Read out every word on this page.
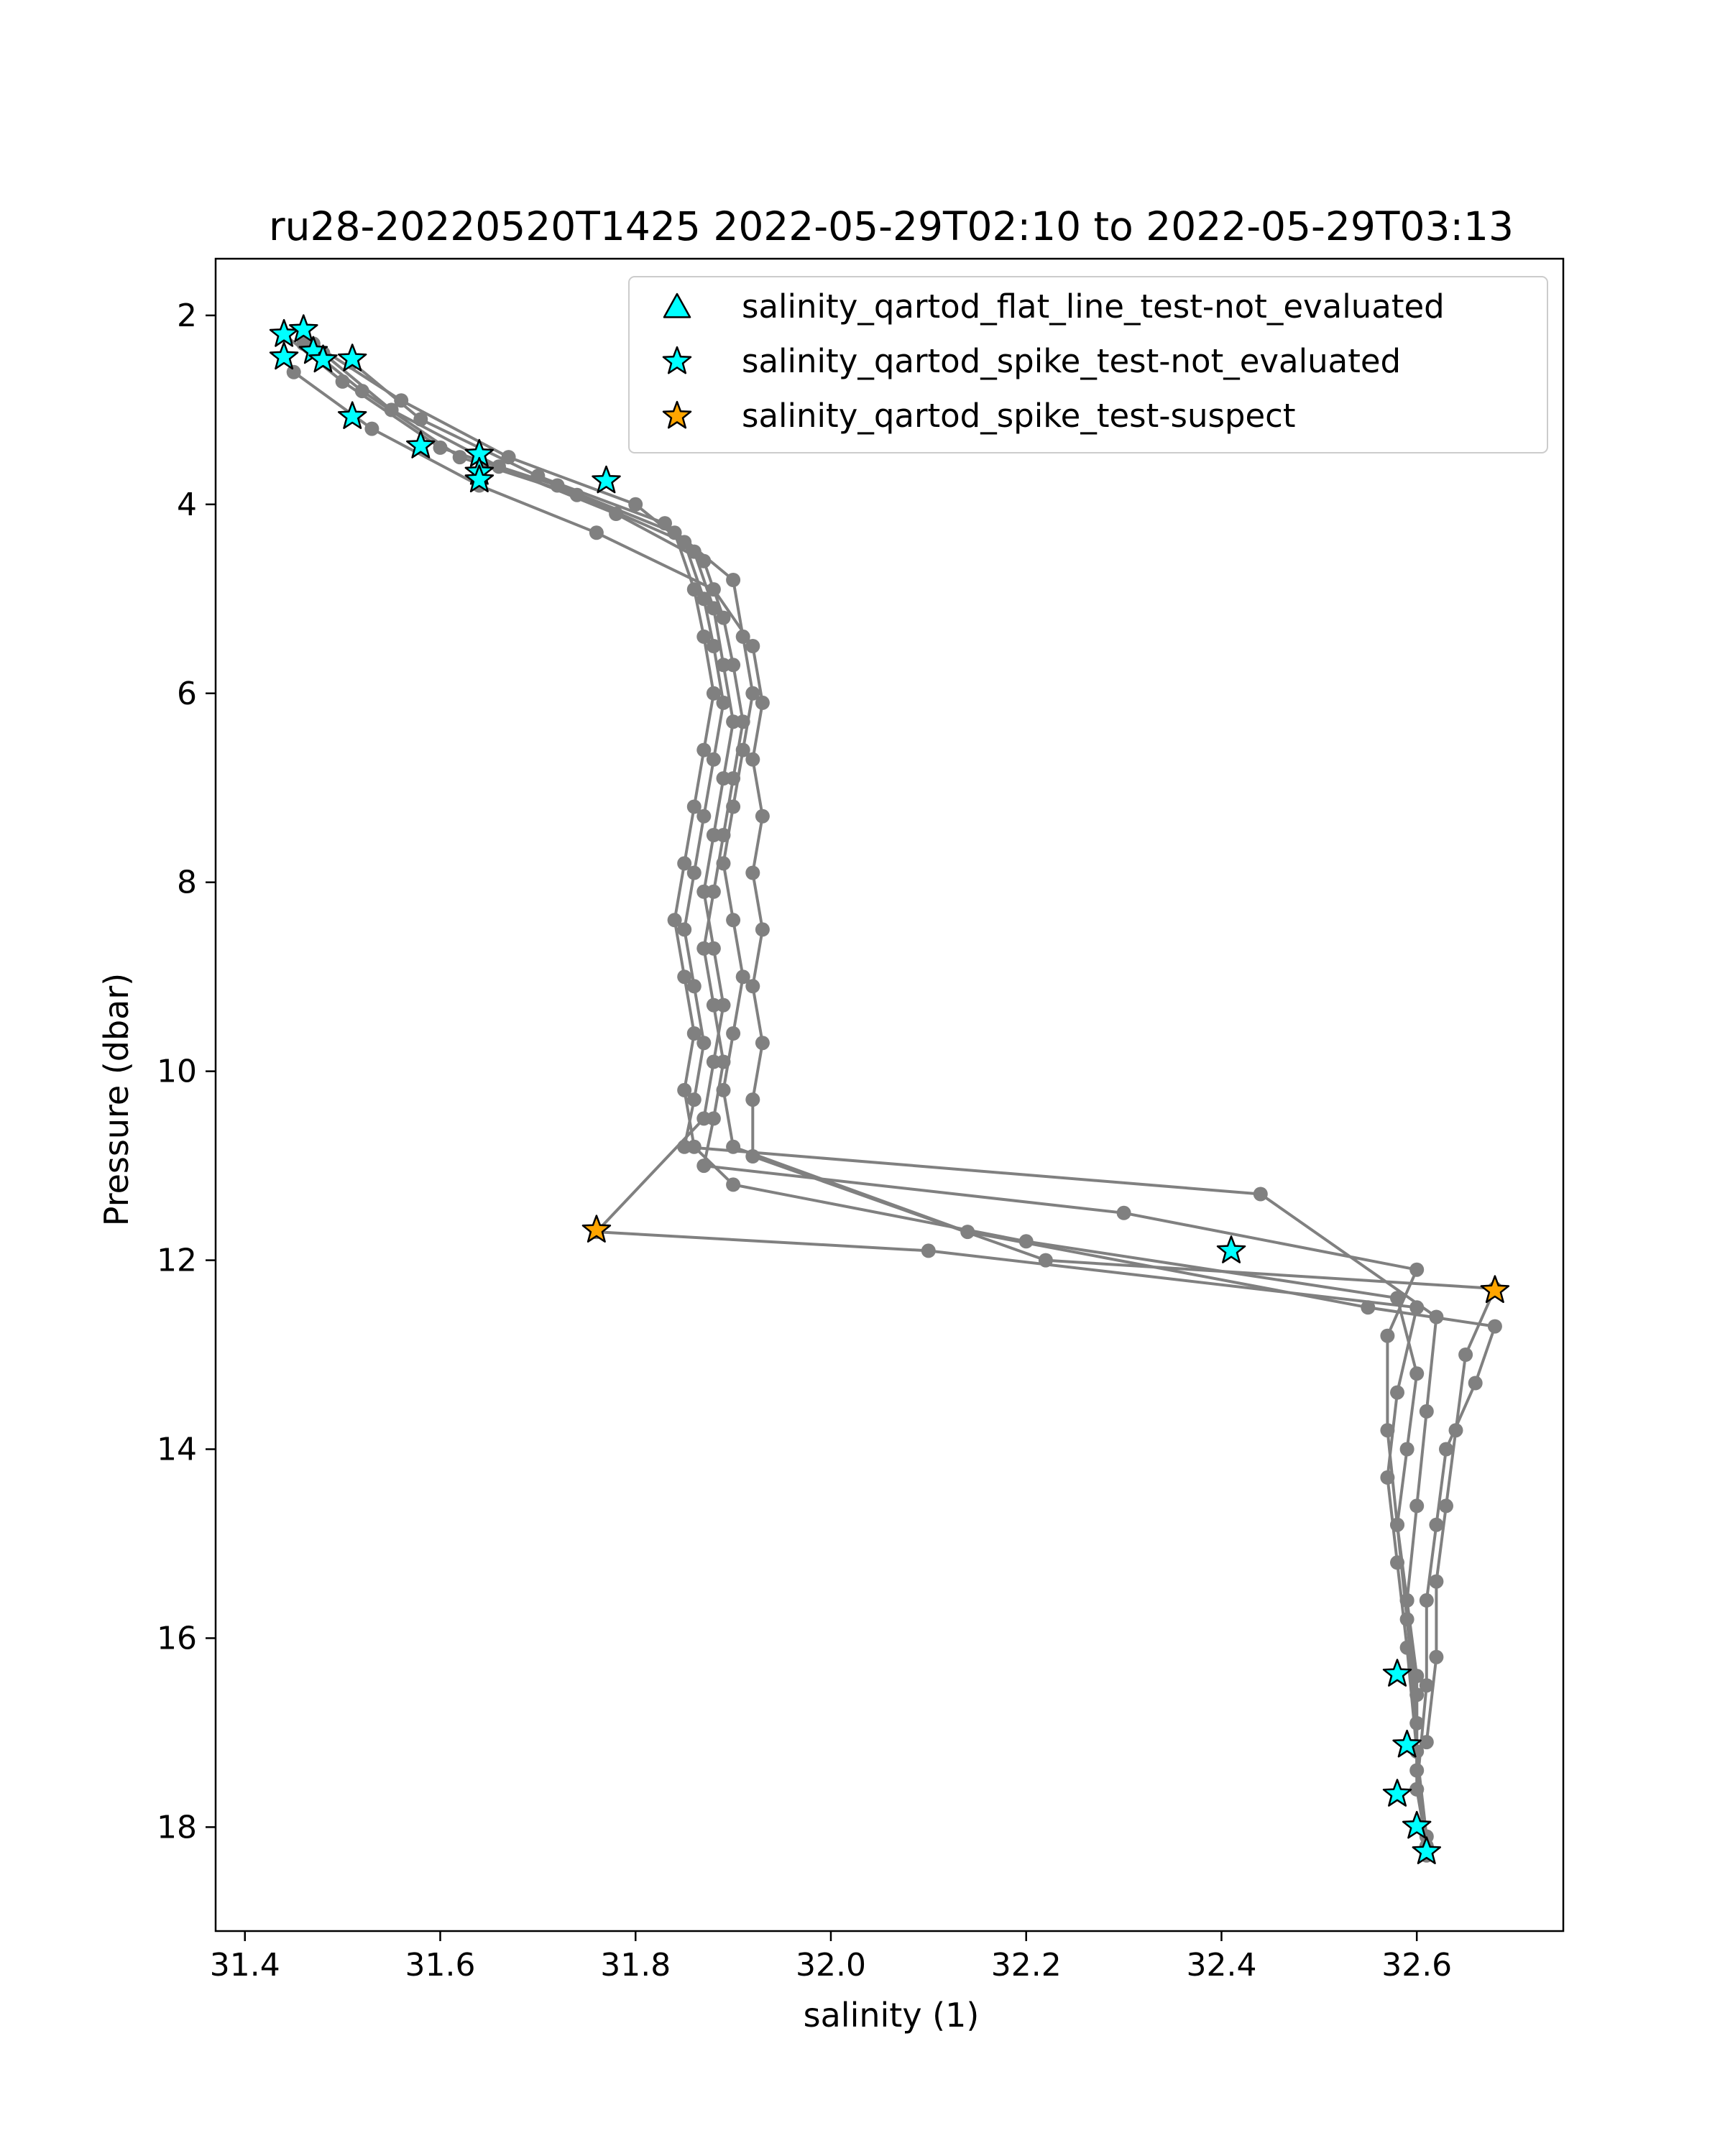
ru28-20220520T1425 2022-05-29T02:10 to 2022-05-29T03:13
31.4	31.6	31.8	32.0	32.2	32.4	32.6
2
4
6
8
10
12
14
16
18
salinity (1)
Pressure (dbar)
salinity_qartod_flat_line_test-not_evaluated
salinity_qartod_spike_test-not_evaluated
salinity_qartod_spike_test-suspect
